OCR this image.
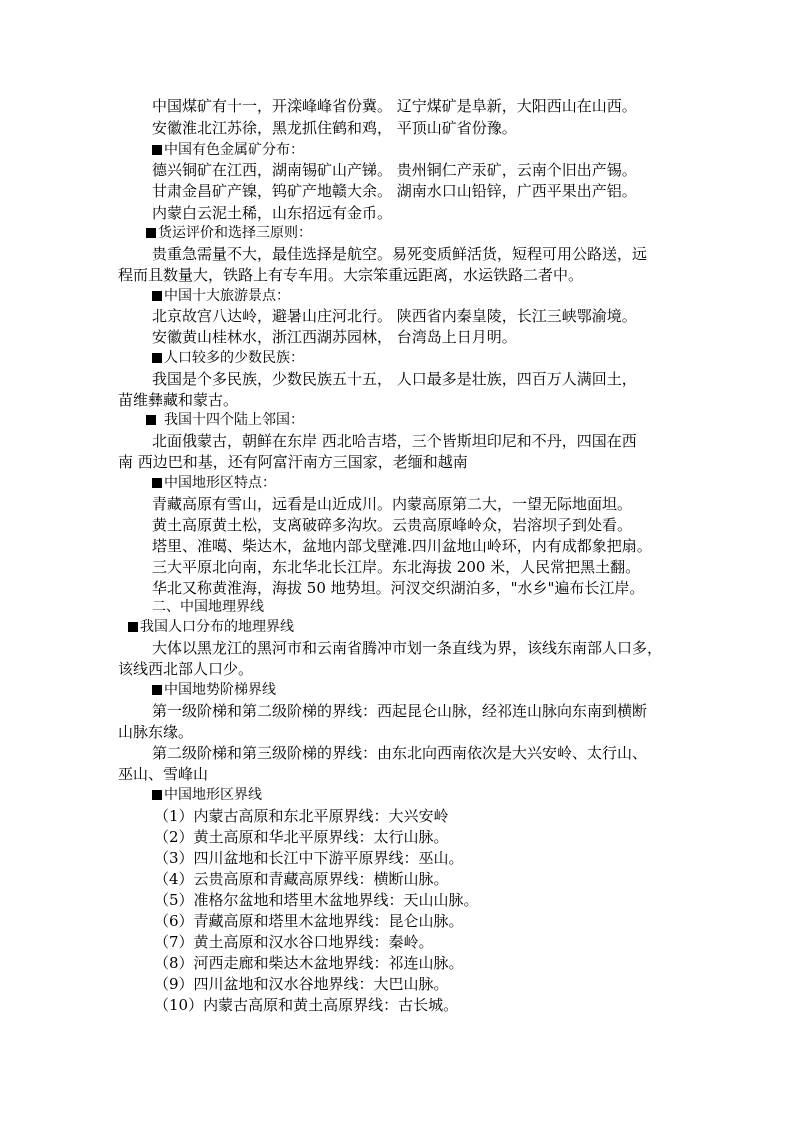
中国煤矿有十一，开滦峰峰省份冀。 辽宁煤矿是阜新，大阳西山在山西。
安徽淮北江苏徐，黑龙抓住鹤和鸡， 平顶山矿省份豫。
中国有色金属矿分布：
德兴铜矿在江西，湖南锡矿山产锑。 贵州铜仁产汞矿，云南个旧出产锡。
甘肃金昌矿产镍，钨矿产地赣大余。 湖南水口山铅锌，广西平果出产铝。
内蒙白云泥土稀，山东招远有金币。
货运评价和选择三原则：
贵重急需量不大，最佳选择是航空。易死变质鲜活货，短程可用公路送，远
程而且数量大，铁路上有专车用。大宗笨重远距离，水运铁路二者中。
中国十大旅游景点：
北京故宫八达岭，避暑山庄河北行。 陕西省内秦皇陵，长江三峡鄂渝境。
安徽黄山桂林水，浙江西湖苏园林， 台湾岛上日月明。
人口较多的少数民族：
我国是个多民族，少数民族五十五， 人口最多是壮族，四百万人满回土，
苗维彝藏和蒙古。
我国十四个陆上邻国：
北面俄蒙古，朝鲜在东岸 西北哈吉塔，三个皆斯坦印尼和不丹，四国在西
南 西边巴和基，还有阿富汗南方三国家，老缅和越南
中国地形区特点：
青藏高原有雪山，远看是山近成川。内蒙高原第二大，一望无际地面坦。
黄土高原黄土松，支离破碎多沟坎。云贵高原峰岭众，岩溶坝子到处看。
塔里、准噶、柴达木，盆地内部戈壁滩.四川盆地山岭环，内有成都象把扇。
三大平原北向南，东北华北长江岸。东北海拔 200 米，人民常把黑土翻。
华北又称黄淮海，海拔 50 地势坦。河汊交织湖泊多，"水乡"遍布长江岸。
二、中国地理界线
我国人口分布的地理界线
大体以黑龙江的黑河市和云南省腾冲市划一条直线为界，该线东南部人口多，
该线西北部人口少。
中国地势阶梯界线
第一级阶梯和第二级阶梯的界线：西起昆仑山脉，经祁连山脉向东南到横断
山脉东缘。
第二级阶梯和第三级阶梯的界线：由东北向西南依次是大兴安岭、太行山、
巫山、雪峰山
中国地形区界线
（1）内蒙古高原和东北平原界线：大兴安岭
（2）黄土高原和华北平原界线：太行山脉。
（3）四川盆地和长江中下游平原界线：巫山。
（4）云贵高原和青藏高原界线：横断山脉。
（5）准格尔盆地和塔里木盆地界线：天山山脉。
（6）青藏高原和塔里木盆地界线：昆仑山脉。
（7）黄土高原和汉水谷口地界线：秦岭。
（8）河西走廊和柴达木盆地界线：祁连山脉。
（9）四川盆地和汉水谷地界线：大巴山脉。
（10）内蒙古高原和黄土高原界线：古长城。
